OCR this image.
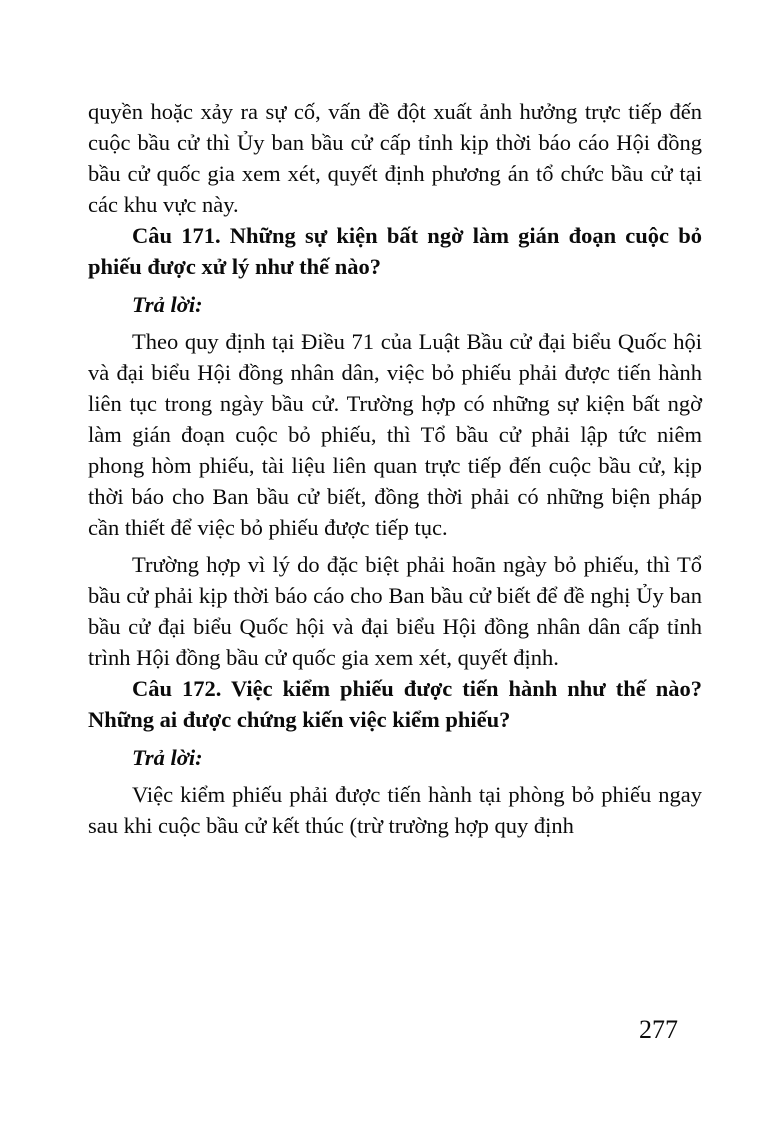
quyền hoặc xảy ra sự cố, vấn đề đột xuất ảnh hưởng trực tiếp đến cuộc bầu cử thì Ủy ban bầu cử cấp tỉnh kịp thời báo cáo Hội đồng bầu cử quốc gia xem xét, quyết định phương án tổ chức bầu cử tại các khu vực này.

Câu 171. Những sự kiện bất ngờ làm gián đoạn cuộc bỏ phiếu được xử lý như thế nào?

Trả lời:

Theo quy định tại Điều 71 của Luật Bầu cử đại biểu Quốc hội và đại biểu Hội đồng nhân dân, việc bỏ phiếu phải được tiến hành liên tục trong ngày bầu cử. Trường hợp có những sự kiện bất ngờ làm gián đoạn cuộc bỏ phiếu, thì Tổ bầu cử phải lập tức niêm phong hòm phiếu, tài liệu liên quan trực tiếp đến cuộc bầu cử, kịp thời báo cho Ban bầu cử biết, đồng thời phải có những biện pháp cần thiết để việc bỏ phiếu được tiếp tục.

Trường hợp vì lý do đặc biệt phải hoãn ngày bỏ phiếu, thì Tổ bầu cử phải kịp thời báo cáo cho Ban bầu cử biết để đề nghị Ủy ban bầu cử đại biểu Quốc hội và đại biểu Hội đồng nhân dân cấp tỉnh trình Hội đồng bầu cử quốc gia xem xét, quyết định.

Câu 172. Việc kiểm phiếu được tiến hành như thế nào? Những ai được chứng kiến việc kiểm phiếu?

Trả lời:

Việc kiểm phiếu phải được tiến hành tại phòng bỏ phiếu ngay sau khi cuộc bầu cử kết thúc (trừ trường hợp quy định

277
